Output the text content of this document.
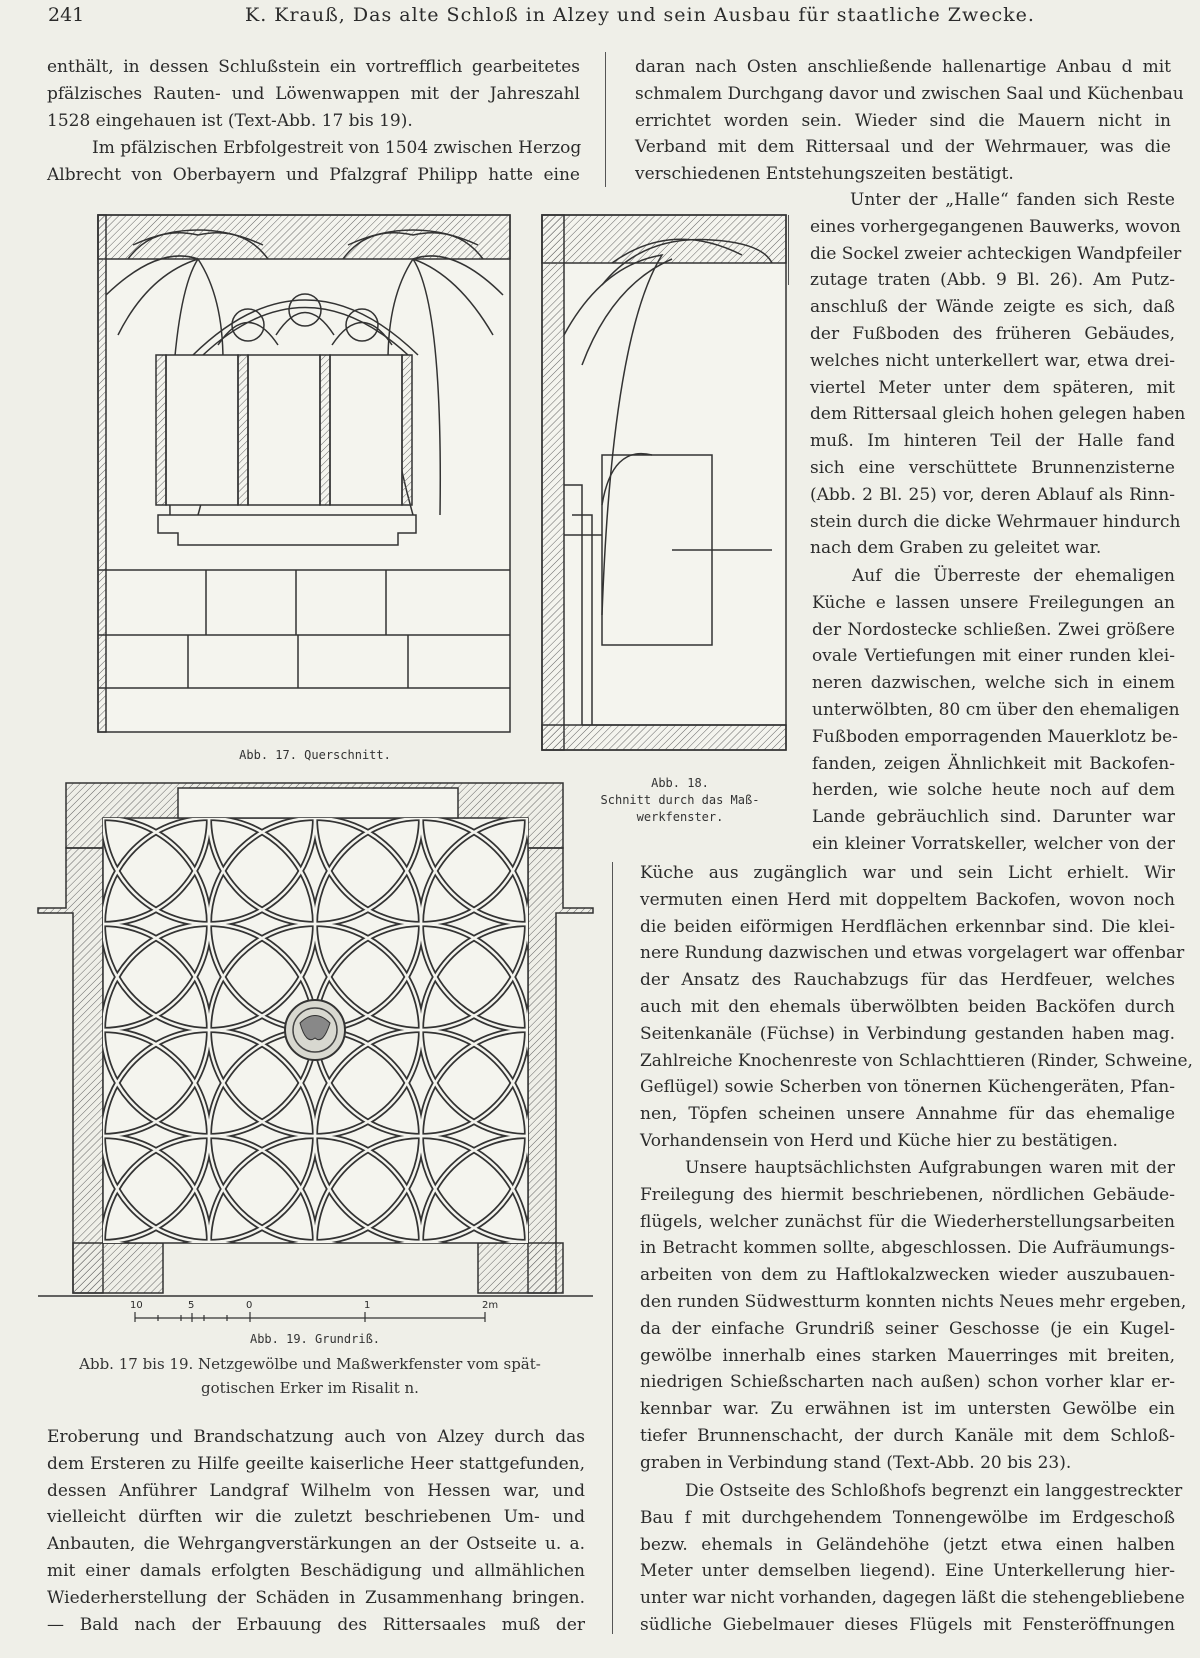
241	K. Krauß, Das alte Schloß in Alzey und sein Ausbau für staatliche Zwecke.
enthält, in dessen Schlußstein ein vortrefflich gearbeitetes
pfälzisches Rauten- und Löwenwappen mit der Jahreszahl
1528 eingehauen ist (Text-Abb. 17 bis 19).
Im pfälzischen Erbfolgestreit von 1504 zwischen Herzog
Albrecht von Oberbayern und Pfalzgraf Philipp hatte eine
daran nach Osten anschließende hallenartige Anbau d mit
schmalem Durchgang davor und zwischen Saal und Küchenbau
errichtet worden sein. Wieder sind die Mauern nicht in
Verband mit dem Rittersaal und der Wehrmauer, was die
verschiedenen Entstehungszeiten bestätigt.
Unter der „Halle“ fanden sich Reste
eines vorhergegangenen Bauwerks, wovon
die Sockel zweier achteckigen Wandpfeiler
zutage traten (Abb. 9 Bl. 26). Am Putz-
anschluß der Wände zeigte es sich, daß
der Fußboden des früheren Gebäudes,
welches nicht unterkellert war, etwa drei-
viertel Meter unter dem späteren, mit
dem Rittersaal gleich hohen gelegen haben
muß. Im hinteren Teil der Halle fand
sich eine verschüttete Brunnenzisterne
(Abb. 2 Bl. 25) vor, deren Ablauf als Rinn-
stein durch die dicke Wehrmauer hindurch
nach dem Graben zu geleitet war.
Auf die Überreste der ehemaligen
Küche e lassen unsere Freilegungen an
der Nordostecke schließen. Zwei größere
ovale Vertiefungen mit einer runden klei-
neren dazwischen, welche sich in einem
unterwölbten, 80 cm über den ehemaligen
Fußboden emporragenden Mauerklotz be-
fanden, zeigen Ähnlichkeit mit Backofen-
herden, wie solche heute noch auf dem
Lande gebräuchlich sind. Darunter war
ein kleiner Vorratskeller, welcher von der
Küche aus zugänglich war und sein Licht erhielt. Wir
vermuten einen Herd mit doppeltem Backofen, wovon noch
die beiden eiförmigen Herdflächen erkennbar sind. Die klei-
nere Rundung dazwischen und etwas vorgelagert war offenbar
der Ansatz des Rauchabzugs für das Herdfeuer, welches
auch mit den ehemals überwölbten beiden Backöfen durch
Seitenkanäle (Füchse) in Verbindung gestanden haben mag.
Zahlreiche Knochenreste von Schlachttieren (Rinder, Schweine,
Geflügel) sowie Scherben von tönernen Küchengeräten, Pfan-
nen, Töpfen scheinen unsere Annahme für das ehemalige
Vorhandensein von Herd und Küche hier zu bestätigen.
Unsere hauptsächlichsten Aufgrabungen waren mit der
Freilegung des hiermit beschriebenen, nördlichen Gebäude-
flügels, welcher zunächst für die Wiederherstellungsarbeiten
in Betracht kommen sollte, abgeschlossen. Die Aufräumungs-
arbeiten von dem zu Haftlokalzwecken wieder auszubauen-
den runden Südwestturm konnten nichts Neues mehr ergeben,
da der einfache Grundriß seiner Geschosse (je ein Kugel-
gewölbe innerhalb eines starken Mauerringes mit breiten,
niedrigen Schießscharten nach außen) schon vorher klar er-
kennbar war. Zu erwähnen ist im untersten Gewölbe ein
tiefer Brunnenschacht, der durch Kanäle mit dem Schloß-
graben in Verbindung stand (Text-Abb. 20 bis 23).
Die Ostseite des Schloßhofs begrenzt ein langgestreckter
Bau f mit durchgehendem Tonnengewölbe im Erdgeschoß
bezw. ehemals in Geländehöhe (jetzt etwa einen halben
Meter unter demselben liegend). Eine Unterkellerung hier-
unter war nicht vorhanden, dagegen läßt die stehengebliebene
südliche Giebelmauer dieses Flügels mit Fensteröffnungen
Eroberung und Brandschatzung auch von Alzey durch das
dem Ersteren zu Hilfe geeilte kaiserliche Heer stattgefunden,
dessen Anführer Landgraf Wilhelm von Hessen war, und
vielleicht dürften wir die zuletzt beschriebenen Um- und
Anbauten, die Wehrgangverstärkungen an der Ostseite u. a.
mit einer damals erfolgten Beschädigung und allmählichen
Wiederherstellung der Schäden in Zusammenhang bringen.
— Bald nach der Erbauung des Rittersaales muß der
Abb. 17. Querschnitt.
Abb. 18.
Schnitt durch das Maß-
werkfenster.
10	5	0	1	2m
Abb. 19. Grundriß.
Abb. 17 bis 19. Netzgewölbe und Maßwerkfenster vom spät-
gotischen Erker im Risalit n.
